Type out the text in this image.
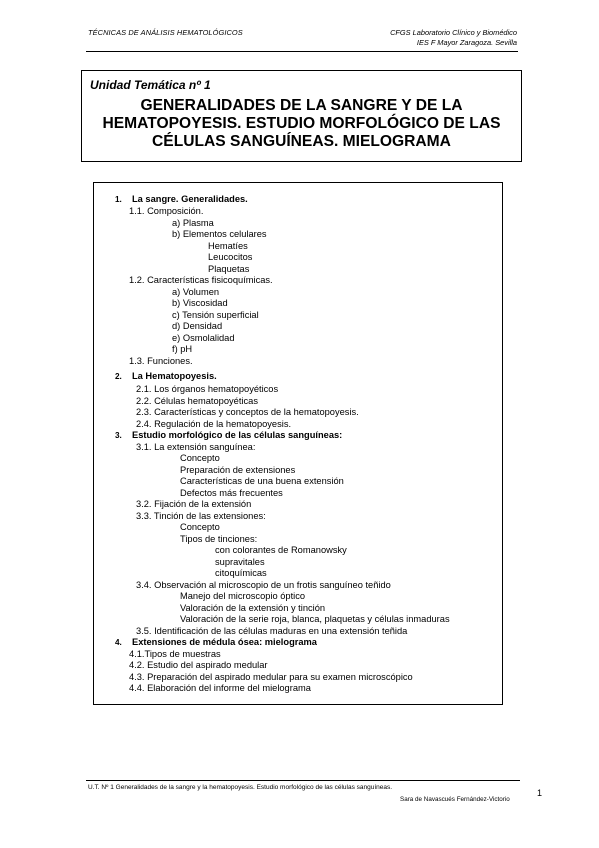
TÉCNICAS DE ANÁLISIS HEMATOLÓGICOS	CFGS Laboratorio Clínico y Biomédico
IES F Mayor Zaragoza. Sevilla
Unidad Temática nº 1
GENERALIDADES DE LA SANGRE Y DE LA
HEMATOPOYESIS. ESTUDIO MORFOLÓGICO DE LAS
CÉLULAS SANGUÍNEAS. MIELOGRAMA
1. La sangre. Generalidades.
1.1. Composición.
a) Plasma
b) Elementos celulares
Hematíes
Leucocitos
Plaquetas
1.2. Características fisicoquímicas.
a) Volumen
b) Viscosidad
c) Tensión superficial
d) Densidad
e) Osmolalidad
f) pH
1.3. Funciones.
2. La Hematopoyesis.
2.1. Los órganos hematopoyéticos
2.2. Células hematopoyéticas
2.3. Características y conceptos de la hematopoyesis.
2.4. Regulación de la hematopoyesis.
3. Estudio morfológico de las células sanguíneas:
3.1. La extensión sanguínea:
Concepto
Preparación de extensiones
Características de una buena extensión
Defectos más frecuentes
3.2. Fijación de la extensión
3.3. Tinción de las extensiones:
Concepto
Tipos de tinciones:
con colorantes de Romanowsky
supravitales
citoquímicas
3.4. Observación al microscopio de un frotis sanguíneo teñido
Manejo del microscopio óptico
Valoración de la extensión y tinción
Valoración de la serie roja, blanca, plaquetas y células inmaduras
3.5. Identificación de las células maduras en una extensión teñida
4. Extensiones de médula ósea: mielograma
4.1.Tipos de muestras
4.2. Estudio del aspirado medular
4.3. Preparación del aspirado medular para su examen microscópico
4.4. Elaboración del informe del mielograma
U.T. Nº 1 Generalidades de la sangre y la hematopoyesis. Estudio morfológico de las células sanguíneas.
Sara de Navascués Fernández-Victorio
1
